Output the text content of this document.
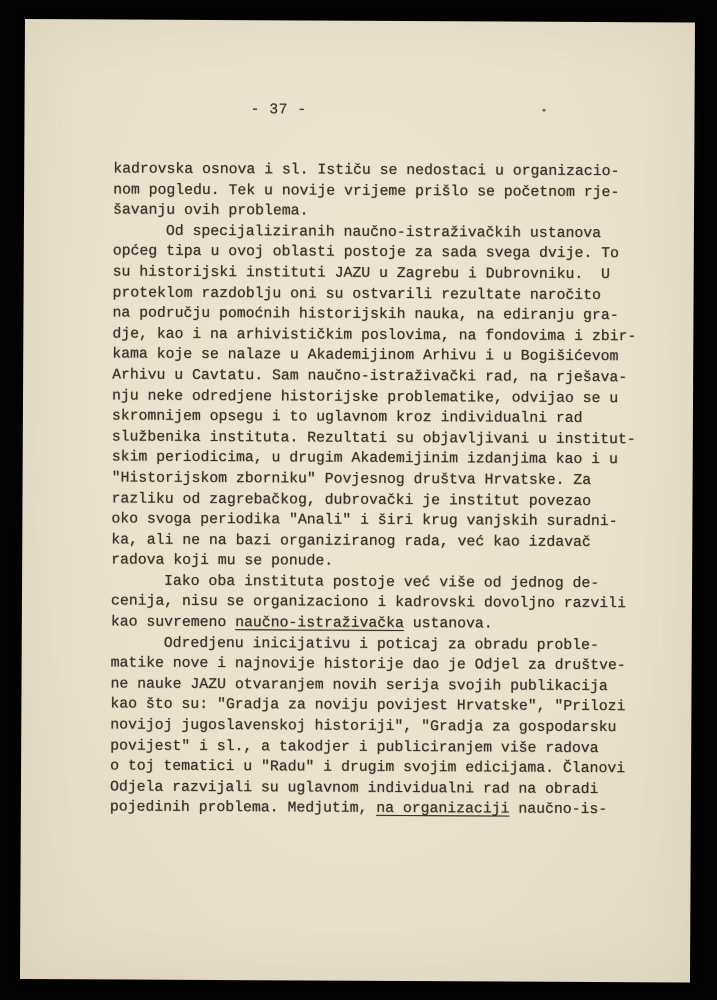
- 37 -
kadrovska osnova i sl. Ističu se nedostaci u organizacio-
nom pogledu. Tek u novije vrijeme prišlo se početnom rje-
šavanju ovih problema.
Od specijaliziranih naučno-istraživačkih ustanova
općeg tipa u ovoj oblasti postoje za sada svega dvije. To
su historijski instituti JAZU u Zagrebu i Dubrovniku.  U
proteklom razdoblju oni su ostvarili rezultate naročito
na području pomoćnih historijskih nauka, na ediranju gra-
dje, kao i na arhivističkim poslovima, na fondovima i zbir-
kama koje se nalaze u Akademijinom Arhivu i u Bogišićevom
Arhivu u Cavtatu. Sam naučno-istraživački rad, na rješava-
nju neke odredjene historijske problematike, odvijao se u
skromnijem opsegu i to uglavnom kroz individualni rad
službenika instituta. Rezultati su objavljivani u institut-
skim periodicima, u drugim Akademijinim izdanjima kao i u
"Historijskom zborniku" Povjesnog društva Hrvatske. Za
razliku od zagrebačkog, dubrovački je institut povezao
oko svoga periodika "Anali" i širi krug vanjskih suradni-
ka, ali ne na bazi organiziranog rada, već kao izdavač
radova koji mu se ponude.
Iako oba instituta postoje već više od jednog de-
cenija, nisu se organizaciono i kadrovski dovoljno razvili
kao suvremeno naučno-istraživačka ustanova.
Odredjenu inicijativu i poticaj za obradu proble-
matike nove i najnovije historije dao je Odjel za društve-
ne nauke JAZU otvaranjem novih serija svojih publikacija
kao što su: "Gradja za noviju povijest Hrvatske", "Prilozi
novijoj jugoslavenskoj historiji", "Gradja za gospodarsku
povijest" i sl., a takodjer i publiciranjem više radova
o toj tematici u "Radu" i drugim svojim edicijama. Članovi
Odjela razvijali su uglavnom individualni rad na obradi
pojedinih problema. Medjutim, na organizaciji naučno-is-
